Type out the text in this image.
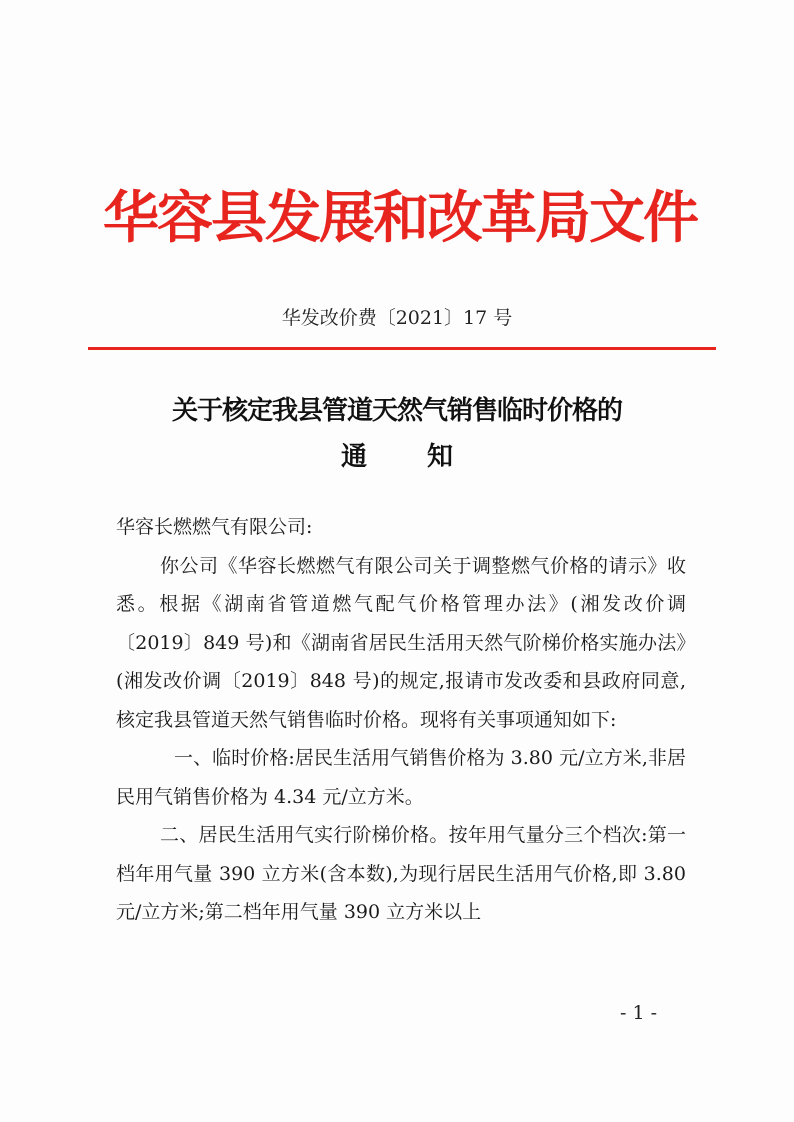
华容县发展和改革局文件
华发改价费〔2021〕17 号
关于核定我县管道天然气销售临时价格的
通知

华容长燃燃气有限公司:

你公司《华容长燃燃气有限公司关于调整燃气价格的请示》收悉。根据《湖南省管道燃气配气价格管理办法》(湘发改价调〔2019〕849 号)和《湖南省居民生活用天然气阶梯价格实施办法》(湘发改价调〔2019〕848 号)的规定,报请市发改委和县政府同意,核定我县管道天然气销售临时价格。现将有关事项通知如下:

一、临时价格:居民生活用气销售价格为 3.80 元/立方米,非居民用气销售价格为 4.34 元/立方米。

二、居民生活用气实行阶梯价格。按年用气量分三个档次:第一档年用气量 390 立方米(含本数),为现行居民生活用气价格,即 3.80 元/立方米;第二档年用气量 390 立方米以上

- 1 -
